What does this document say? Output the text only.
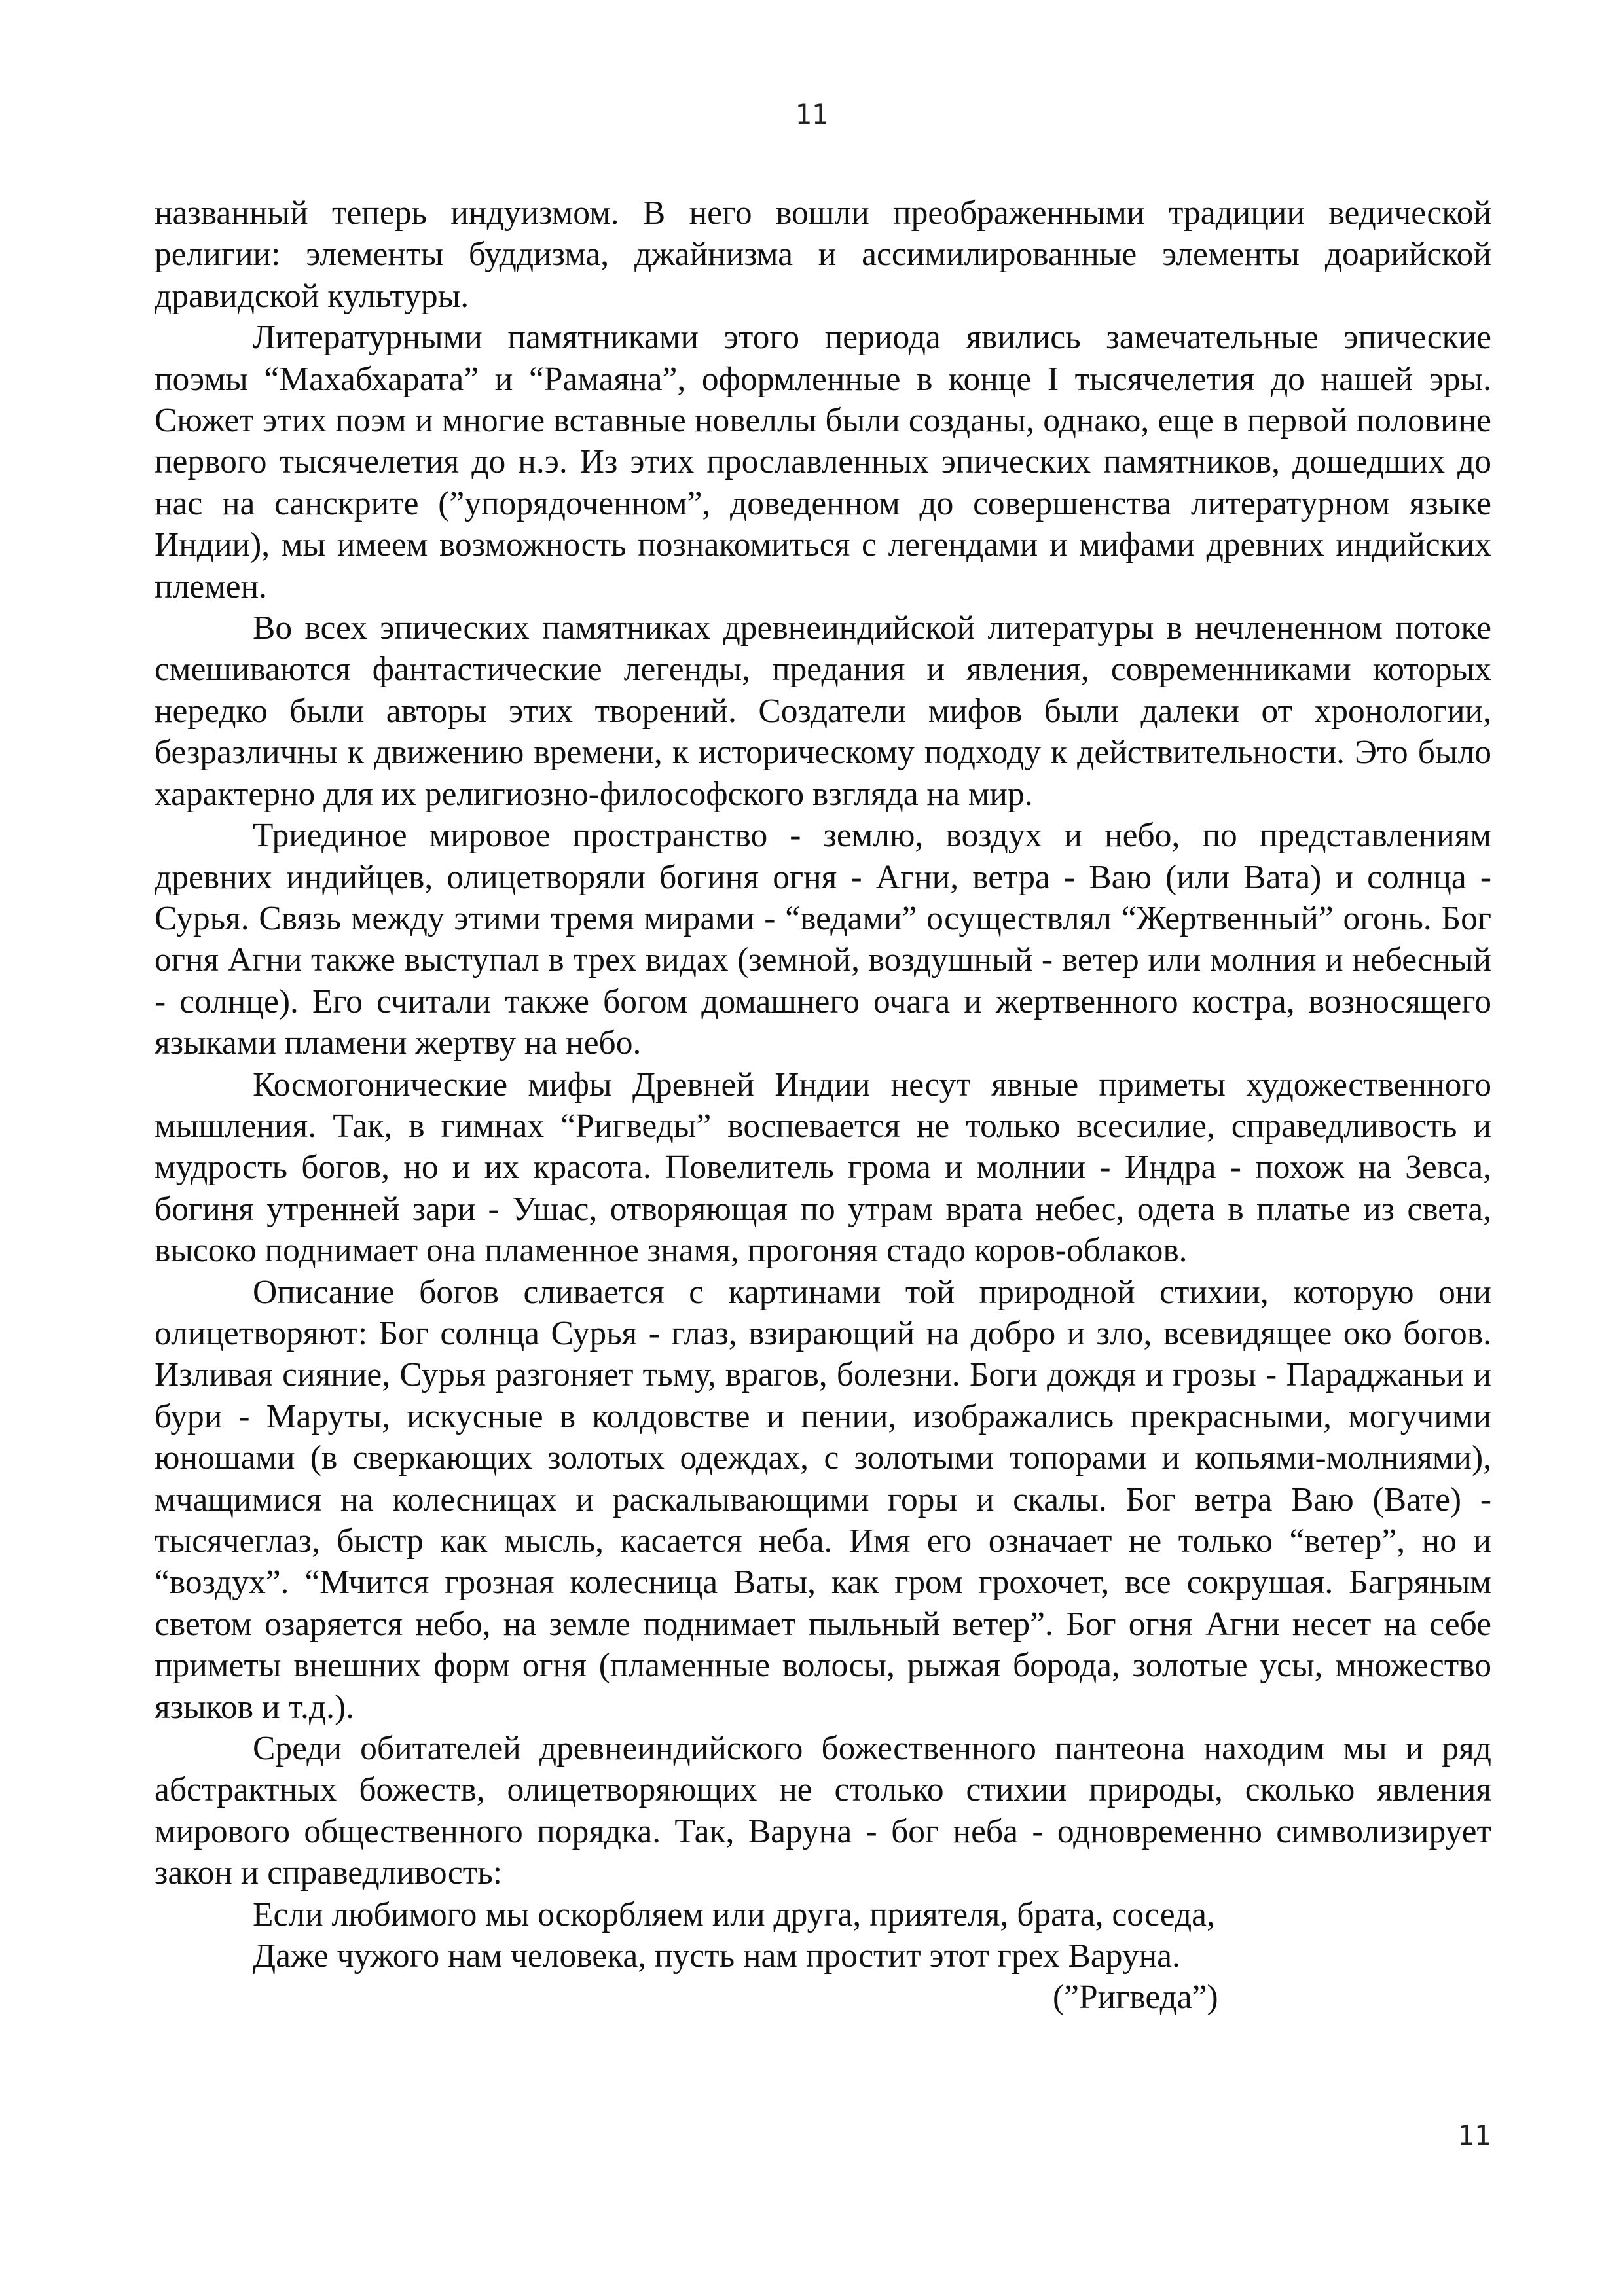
11

названный теперь индуизмом. В него вошли преображенными традиции ведической религии: элементы буддизма, джайнизма и ассимилированные элементы доарийской дравидской культуры.

Литературными памятниками этого периода явились замечательные эпические поэмы “Махабхарата” и “Рамаяна”, оформленные в конце I тысячелетия до нашей эры. Сюжет этих поэм и многие вставные новеллы были созданы, однако, еще в первой половине первого тысячелетия до н.э. Из этих прославленных эпических памятников, дошедших до нас на санскрите (”упорядоченном”, доведенном до совершенства литературном языке Индии), мы имеем возможность познакомиться с легендами и мифами древних индийских племен.

Во всех эпических памятниках древнеиндийской литературы в нечлененном потоке смешиваются фантастические легенды, предания и явления, современниками которых нередко были авторы этих творений. Создатели мифов были далеки от хронологии, безразличны к движению времени, к историческому подходу к действительности. Это было характерно для их религиозно-философского взгляда на мир.

Триединое мировое пространство - землю, воздух и небо, по представлениям древних индийцев, олицетворяли богиня огня - Агни, ветра - Ваю (или Вата) и солнца - Сурья. Связь между этими тремя мирами - “ведами” осуществлял “Жертвенный” огонь. Бог огня Агни также выступал в трех видах (земной, воздушный - ветер или молния и небесный - солнце). Его считали также богом домашнего очага и жертвенного костра, возносящего языками пламени жертву на небо.

Космогонические мифы Древней Индии несут явные приметы художественного мышления. Так, в гимнах “Ригведы” воспевается не только всесилие, справедливость и мудрость богов, но и их красота. Повелитель грома и молнии - Индра - похож на Зевса, богиня утренней зари - Ушас, отворяющая по утрам врата небес, одета в платье из света, высоко поднимает она пламенное знамя, прогоняя стадо коров-облаков.

Описание богов сливается с картинами той природной стихии, которую они олицетворяют: Бог солнца Сурья - глаз, взирающий на добро и зло, всевидящее око богов. Изливая сияние, Сурья разгоняет тьму, врагов, болезни. Боги дождя и грозы - Параджаньи и бури - Маруты, искусные в колдовстве и пении, изображались прекрасными, могучими юношами (в сверкающих золотых одеждах, с золотыми топорами и копьями-молниями), мчащимися на колесницах и раскалывающими горы и скалы. Бог ветра Ваю (Вате) - тысячеглаз, быстр как мысль, касается неба. Имя его означает не только “ветер”, но и “воздух”. “Мчится грозная колесница Ваты, как гром грохочет, все сокрушая. Багряным светом озаряется небо, на земле поднимает пыльный ветер”. Бог огня Агни несет на себе приметы внешних форм огня (пламенные волосы, рыжая борода, золотые усы, множество языков и т.д.).

Среди обитателей древнеиндийского божественного пантеона находим мы и ряд абстрактных божеств, олицетворяющих не столько стихии природы, сколько явления мирового общественного порядка. Так, Варуна - бог неба - одновременно символизирует закон и справедливость:

Если любимого мы оскорбляем или друга, приятеля, брата, соседа,

Даже чужого нам человека, пусть нам простит этот грех Варуна.

(”Ригведа”)

11
